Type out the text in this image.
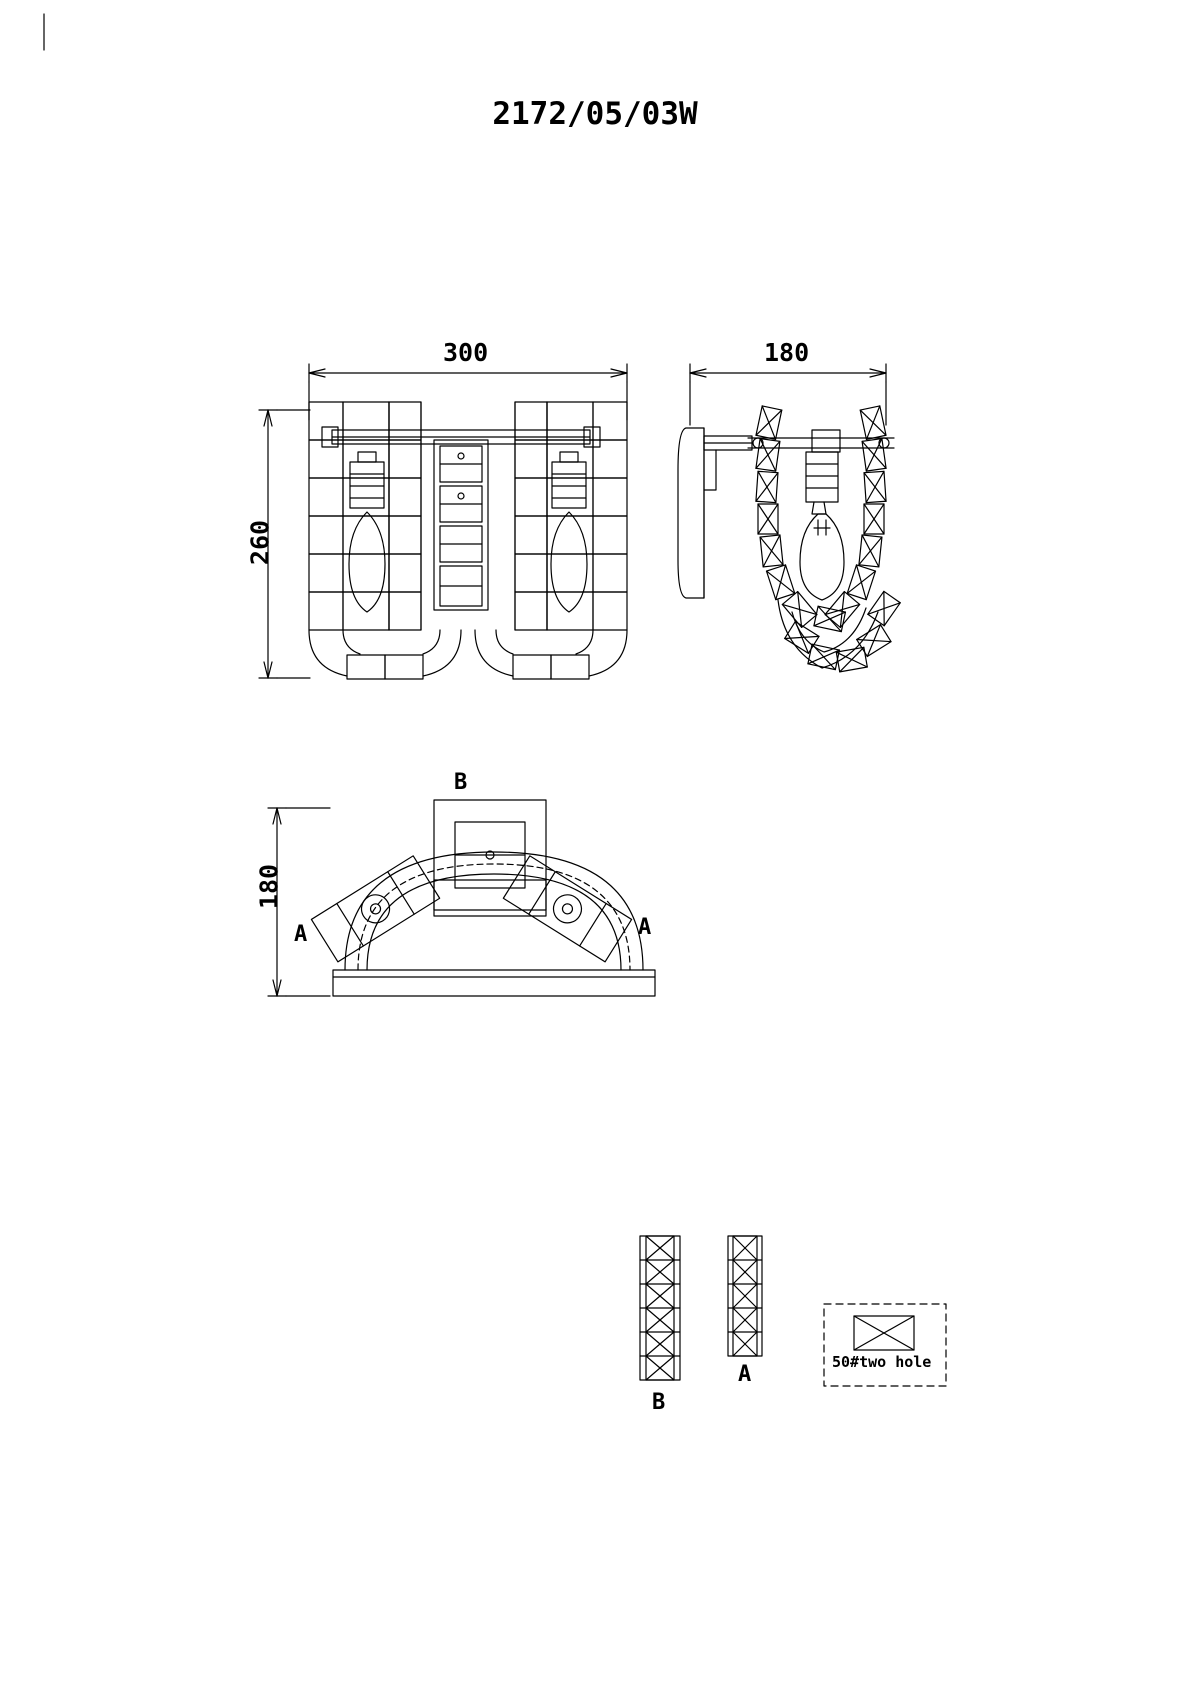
2172/05/03W
300
260
180
180
B
A	A
B
A	50#two hole
